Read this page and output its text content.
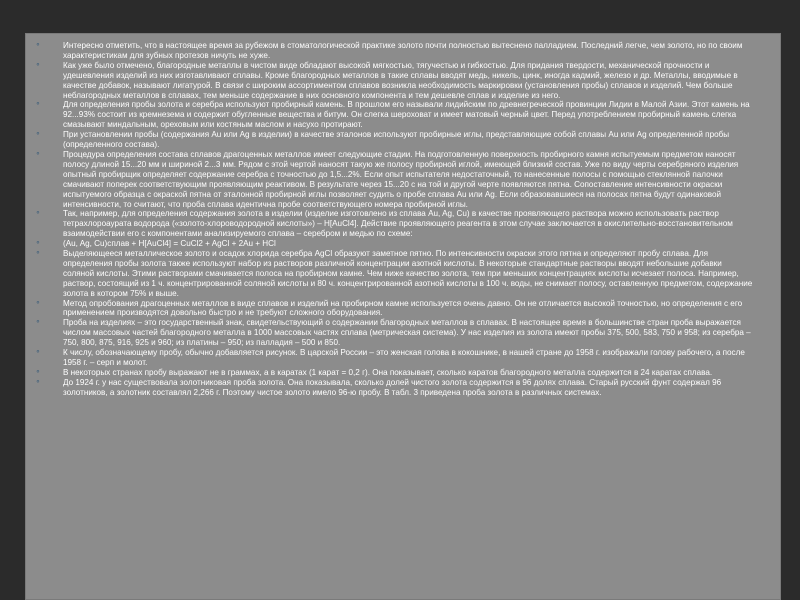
⚬	Интересно отметить, что в настоящее время за рубежом в стоматологической практике золото почти полностью вытеснено палладием. Последний легче, чем золото, но по своим характеристикам для зубных протезов ничуть не хуже.
⚬	Как уже было отмечено, благородные металлы в чистом виде обладают высокой мягкостью, тягучестью и гибкостью. Для придания твердости, механической прочности и удешевления изделий из них изготавливают сплавы. Кроме благородных металлов в такие сплавы вводят медь, никель, цинк, иногда кадмий, железо и др. Металлы, вводимые в качестве добавок, называют лигатурой. В связи с широким ассортиментом сплавов возникла необходимость маркировки (установления пробы) сплавов и изделий. Чем больше неблагородных металлов в сплавах, тем меньше содержание в них основного компонента и тем дешевле сплав и изделие из него.
⚬	Для определения пробы золота и серебра используют пробирный камень. В прошлом его называли лидийским по древнегреческой провинции Лидии в Малой Азии. Этот камень на 92...93% состоит из кремнезема и содержит обугленные вещества и битум. Он слегка шероховат и имеет матовый черный цвет. Перед употреблением пробирный камень слегка смазывают миндальным, ореховым или костяным маслом и насухо протирают.
⚬	При установлении пробы (содержания Au или Ag в изделии) в качестве эталонов используют пробирные иглы, представляющие собой сплавы Au или Ag определенной пробы (определенного состава).
⚬	Процедура определения состава сплавов драгоценных металлов имеет следующие стадии. На подготовленную поверхность пробирного камня испытуемым предметом наносят полосу длиной 15...20 мм и шириной 2...3 мм. Рядом с этой чертой наносят такую же полосу пробирной иглой, имеющей близкий состав. Уже по виду черты серебряного изделия опытный пробирщик определяет содержание серебра с точностью до 1,5...2%. Если опыт испытателя недостаточный, то нанесенные полосы с помощью стеклянной палочки смачивают поперек соответствующим проявляющим реактивом. В результате через 15...20 с на той и другой черте появляются пятна. Сопоставление интенсивности окраски испытуемого образца с окраской пятна от эталонной пробирной иглы позволяет судить о пробе сплава Au или Ag. Если образовавшиеся на полосах пятна будут одинаковой интенсивности, то считают, что проба сплава идентична пробе соответствующего номера пробирной иглы.
⚬	Так, например, для определения содержания золота в изделии (изделие изготовлено из сплава Au, Ag, Cu) в качестве проявляющего раствора можно использовать раствор тетрахлороаурата водорода («золото-хлороводородной кислоты») – H[AuCl4]. Действие проявляющего реагента в этом случае заключается в окислительно-восстановительном взаимодействии его с компонентами анализируемого сплава – серебром и медью по схеме:
⚬	(Au, Ag, Cu)сплав + H[AuCl4] = CuCl2 + AgCl + 2Au + HCl
⚬	Выделяющееся металлическое золото и осадок хлорида серебра AgCl образуют заметное пятно. По интенсивности окраски этого пятна и определяют пробу сплава. Для определения пробы золота также используют набор из растворов различной концентрации азотной кислоты. В некоторые стандартные растворы вводят небольшие добавки соляной кислоты. Этими растворами смачивается полоса на пробирном камне. Чем ниже качество золота, тем при меньших концентрациях кислоты исчезает полоса. Например, раствор, состоящий из 1 ч. концентрированной соляной кислоты и 80 ч. концентрированной азотной кислоты в 100 ч. воды, не снимает полосу, оставленную предметом, содержание золота в котором 75% и выше.
⚬	Метод опробования драгоценных металлов в виде сплавов и изделий на пробирном камне используется очень давно. Он не отличается высокой точностью, но определения с его применением производятся довольно быстро и не требуют сложного оборудования.
⚬	Проба на изделиях – это государственный знак, свидетельствующий о содержании благородных металлов в сплавах. В настоящее время в большинстве стран проба выражается числом массовых частей благородного металла в 1000 массовых частях сплава (метрическая система). У нас изделия из золота имеют пробы 375, 500, 583, 750 и 958; из серебра – 750, 800, 875, 916, 925 и 960; из платины – 950; из палладия – 500 и 850.
⚬	К числу, обозначающему пробу, обычно добавляется рисунок. В царской России – это женская голова в кокошнике, в нашей стране до 1958 г. изображали голову рабочего, а после 1958 г. – серп и молот.
⚬	В некоторых странах пробу выражают не в граммах, а в каратах (1 карат = 0,2 г). Она показывает, сколько каратов благородного металла содержится в 24 каратах сплава.
⚬	До 1924 г. у нас существовала золотниковая проба золота. Она показывала, сколько долей чистого золота содержится в 96 долях сплава. Старый русский фунт содержал 96 золотников, а золотник составлял 2,266 г. Поэтому чистое золото имело 96-ю пробу. В табл. 3 приведена проба золота в различных системах.
